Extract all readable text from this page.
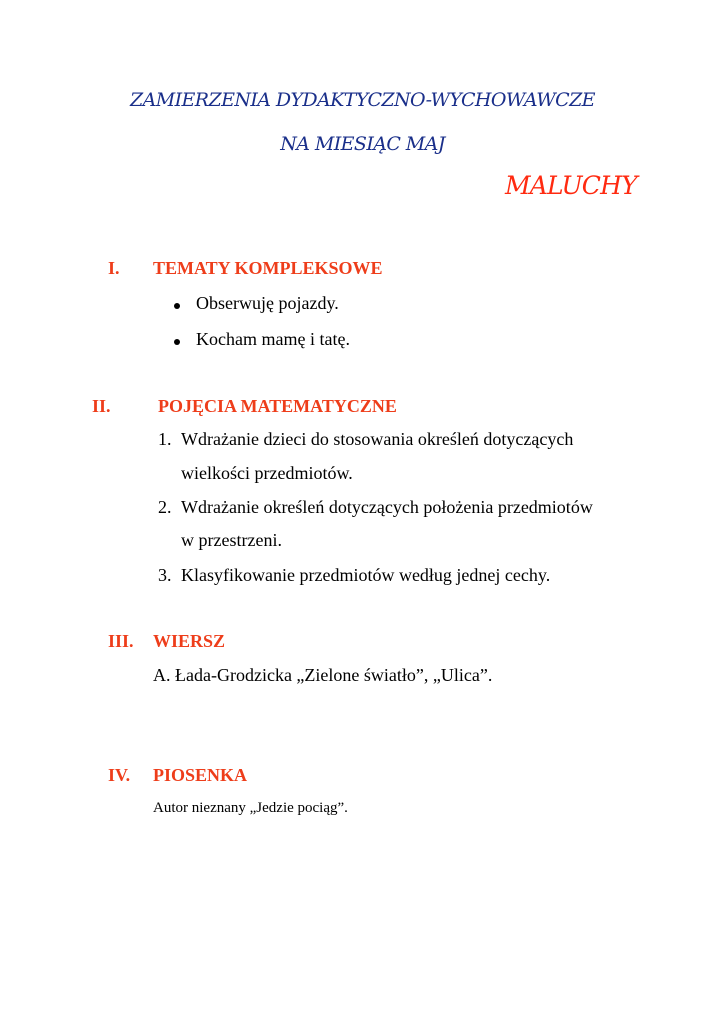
ZAMIERZENIA DYDAKTYCZNO-WYCHOWAWCZE
NA MIESIĄC MAJ
MALUCHY
I. TEMATY KOMPLEKSOWE
Obserwuję pojazdy.
Kocham mamę i tatę.
II.	POJĘCIA MATEMATYCZNE
1. Wdrażanie dzieci do stosowania określeń dotyczących
wielkości przedmiotów.
2. Wdrażanie określeń dotyczących położenia przedmiotów
w przestrzeni.
3. Klasyfikowanie przedmiotów według jednej cechy.
III. WIERSZ
A. Łada-Grodzicka „Zielone światło”, „Ulica”.
IV. PIOSENKA
Autor nieznany „Jedzie pociąg”.
